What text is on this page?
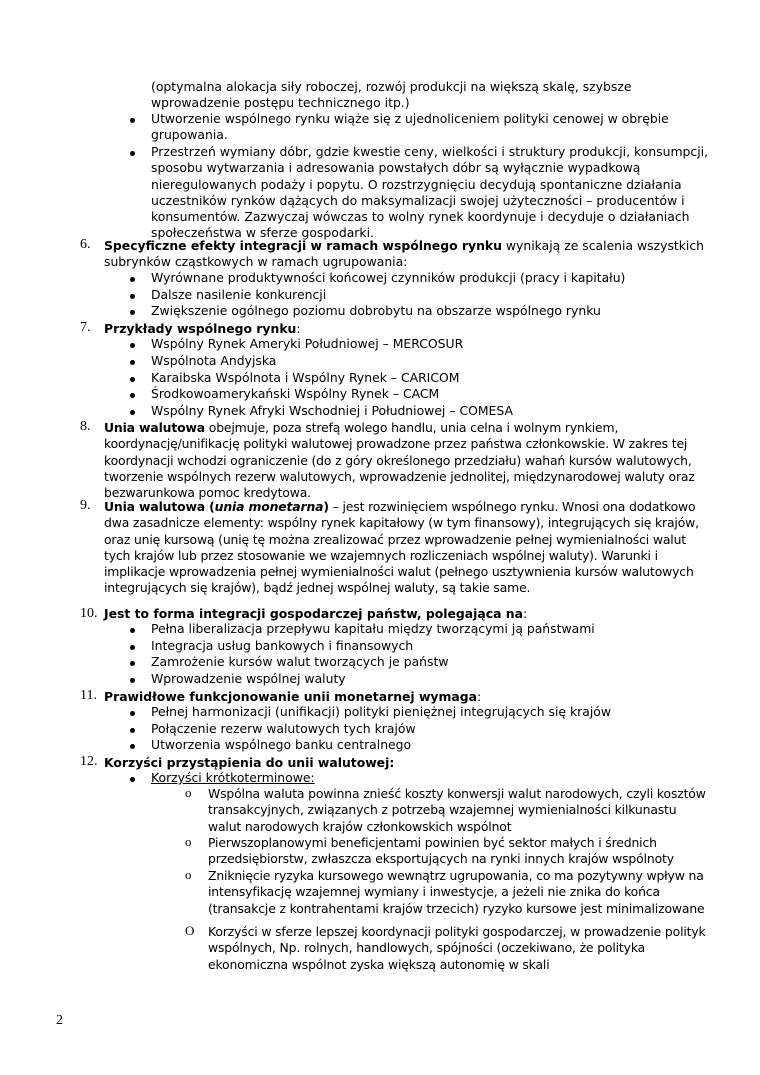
(optymalna alokacja siły roboczej, rozwój produkcji na większą skalę, szybsze wprowadzenie postępu technicznego itp.)

Utworzenie wspólnego rynku wiąże się z ujednoliceniem polityki cenowej w obrębie grupowania.

Przestrzeń wymiany dóbr, gdzie kwestie ceny, wielkości i struktury produkcji, konsumpcji, sposobu wytwarzania i adresowania powstałych dóbr są wyłącznie wypadkową nieregulowanych podaży i popytu. O rozstrzygnięciu decydują spontaniczne działania uczestników rynków dążących do maksymalizacji swojej użyteczności – producentów i konsumentów. Zazwyczaj wówczas to wolny rynek koordynuje i decyduje o działaniach społeczeństwa w sferze gospodarki.

6. Specyficzne efekty integracji w ramach wspólnego rynku wynikają ze scalenia wszystkich subrynków cząstkowych w ramach ugrupowania:

Wyrównane produktywności końcowej czynników produkcji (pracy i kapitału)

Dalsze nasilenie konkurencji

Zwiększenie ogólnego poziomu dobrobytu na obszarze wspólnego rynku

7. Przykłady wspólnego rynku:

Wspólny Rynek Ameryki Południowej – MERCOSUR

Wspólnota Andyjska

Karaibska Wspólnota i Wspólny Rynek – CARICOM

Środkowoamerykański Wspólny Rynek – CACM

Wspólny Rynek Afryki Wschodniej i Południowej – COMESA

8. Unia walutowa obejmuje, poza strefą wolego handlu, unia celna i wolnym rynkiem, koordynację/unifikację polityki walutowej prowadzone przez państwa członkowskie. W zakres tej koordynacji wchodzi ograniczenie (do z góry określonego przedziału) wahań kursów walutowych, tworzenie wspólnych rezerw walutowych, wprowadzenie jednolitej, międzynarodowej waluty oraz bezwarunkowa pomoc kredytowa.

9. Unia walutowa (unia monetarna) – jest rozwinięciem wspólnego rynku. Wnosi ona dodatkowo dwa zasadnicze elementy: wspólny rynek kapitałowy (w tym finansowy), integrujących się krajów, oraz unię kursową (unię tę można zrealizować przez wprowadzenie pełnej wymienialności walut tych krajów lub przez stosowanie we wzajemnych rozliczeniach wspólnej waluty). Warunki i implikacje wprowadzenia pełnej wymienialności walut (pełnego usztywnienia kursów walutowych integrujących się krajów), bądź jednej wspólnej waluty, są takie same.

10. Jest to forma integracji gospodarczej państw, polegająca na:

Pełna liberalizacja przepływu kapitału między tworzącymi ją państwami

Integracja usług bankowych i finansowych

Zamrożenie kursów walut tworzących je państw

Wprowadzenie wspólnej waluty

11. Prawidłowe funkcjonowanie unii monetarnej wymaga:

Pełnej harmonizacji (unifikacji) polityki pieniężnej integrujących się krajów

Połączenie rezerw walutowych tych krajów

Utworzenia wspólnego banku centralnego

12. Korzyści przystąpienia do unii walutowej:

Korzyści krótkoterminowe:

o Wspólna waluta powinna znieść koszty konwersji walut narodowych, czyli kosztów transakcyjnych, związanych z potrzebą wzajemnej wymienialności kilkunastu walut narodowych krajów członkowskich wspólnot

o Pierwszoplanowymi beneficjentami powinien być sektor małych i średnich przedsiębiorstw, zwłaszcza eksportujących na rynki innych krajów wspólnoty

o Zniknięcie ryzyka kursowego wewnątrz ugrupowania, co ma pozytywny wpływ na intensyfikację wzajemnej wymiany i inwestycje, a jeżeli nie znika do końca (transakcje z kontrahentami krajów trzecich) ryzyko kursowe jest minimalizowane

O Korzyści w sferze lepszej koordynacji polityki gospodarczej, w prowadzenie polityk wspólnych, Np. rolnych, handlowych, spójności (oczekiwano, że polityka ekonomiczna wspólnot zyska większą autonomię w skali

2
